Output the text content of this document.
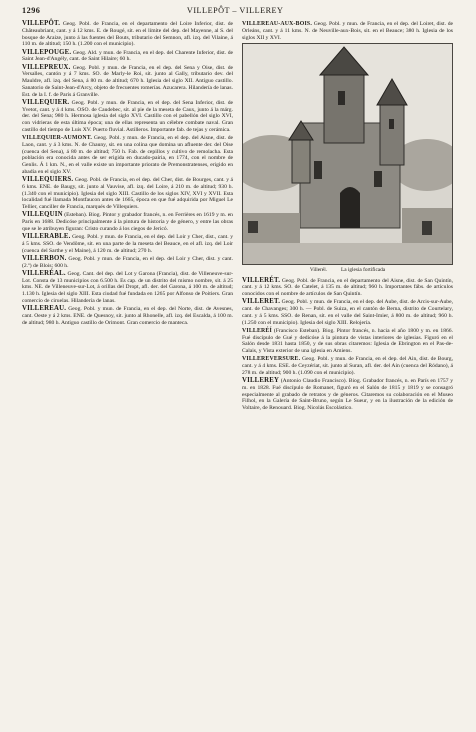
1296	VILLEPÔT – VILLEREY

VILLEPÔT. Geog. Pobl. de Francia, en el departamento del Loire Inferior, dist. de Châteaubriant, cant. y á 12 kms. E. de Rougé, sit. en el límite del dep. del Mayenne, al S. del bosque de Araize, junto á las fuentes del Bouts, tributario del Semnon, afl. izq. del Vilaine, á 110 m. de altitud; 150 h. (1.200 con el municipio).

VILLEPOUGE. Geog. Ald. y mun. de Francia, en el dep. del Charente Inferior, dist. de Saint Jean-d'Angély, cant. de Saint Hilaire; 60 h.

VILLEPREUX. Geog. Pobl. y mun. de Francia, en el dep. del Sena y Oise, dist. de Versalles, cantón y á 7 kms. SO. de Marly-le Roi, sit. junto al Gally, tributario dev. del Mauldre, afl. izq. del Sena, á 80 m. de altitud; 670 h. Iglesia del siglo XII. Antiguo castillo. Sanatorio de Saint-Jean-d'Arcy, objeto de frecuentes romerías. Azucarera. Hilandería de lanas. Est. de la I. f. de París á Granville.

VILLEQUIER. Geog. Pobl. y mun. de Francia, en el dep. del Sena Inferior, dist. de Yvetot, cant. y á 4 kms. OSO. de Caudebec, sit. al pie de la meseta de Caux, junto á la márg. der. del Sena; 980 h. Hermosa iglesia del siglo XVI. Castillo con el pabellón del siglo XVI, con vidrieras de esta última época; una de ellas representa un célebre combate naval. Gran castillo del tiempo de Luis XV. Puerto fluvial. Astilleros. Importante fab. de tejas y cerámica.

VILLEQUIER-AUMONT. Geog. Pobl. y mun. de Francia, en el dep. del Aisne, dist. de Laon, cant. y á 3 kms. N. de Chauny, sit. en una colina que domina un afluente der. del Oise (cuenca del Sena), á 80 m. de altitud; 750 h. Fab. de cepillos y cultivo de remolacha. Esta población era conocida antes de ser erigida en ducado-paíria, en 1774, con el nombre de Genlis. Á 1 km. N., en el valle existe un importante priorato de Premonstratenses, erigido en abadía en el siglo XV.

VILLEQUIERS. Geog. Pobl. de Francia, en el dep. del Cher, dist. de Bourges, cant. y á 6 kms. ENE. de Baugy, sit. junto al Vauvise, afl. izq. del Loire, á 210 m. de altitud; 930 h. (1.340 con el municipio). Iglesia del siglo XIII. Castillo de los siglos XIV, XVI y XVII. Esta localidad fué llamada Montfaucon antes de 1665, época en que fué adquirida por Miguel Le Tellier, canciller de Francia, marqués de Villequiers.

VILLEQUIN (Esteban). Biog. Pintor y grabador francés, n. en Ferrières en 1619 y m. en París en 1688. Dedicóse principalmente á la pintura de historia y de género, y entre las obras que se le atribuyen figuran: Cristo curando á los ciegos de Jericó.

VILLERABLE. Geog. Pobl. y mun. de Francia, en el dep. del Loir y Cher, dist., cant. y á 5 kms. SSO. de Vendôme, sit. en una parte de la meseta del Beauce, en el afl. izq. del Loir (cuenca del Sarthe y el Maine), á 120 m. de altitud; 270 h.

VILLERBON. Geog. Pobl. y mun. de Francia, en el dep. del Loir y Cher, dist. y cant. (2.º) de Blois; 600 h.

VILLERÉAL. Geog. Cant. del dep. del Lot y Garona (Francia), dist. de Villeneuve-sur-Lot. Consta de 13 municipios con 6.500 h. Es cap. de un distrito del mismo nombre, sit. á 25 kms. NE. de Villeneuve-sur-Lot, á orillas del Dropt, afl. der. del Garona, á 100 m. de altitud; 1.130 h. Iglesia del siglo XIII. Esta ciudad fué fundada en 1265 por Alfonso de Poitiers. Gran comercio de ciruelas. Hilandería de lanas.

VILLEREAU. Geog. Pobl. y mun. de Francia, en el dep. del Norte, dist. de Avesnes, cant. Oeste y á 2 kms. ENE. de Quesnoy, sit. junto al Rhonelle, afl. izq. del Escalda, á 100 m. de altitud; 980 h. Antiguo castillo de Orimont. Gran comercio de manteca.

VILLEREAU-AUX-BOIS. Geog. Pobl. y mun. de Francia, en el dep. del Loiret, dist. de Orleáns, cant. y á 11 kms. N. de Neuville-aux-Bois, sit. en el Beauce; 380 h. Iglesia de los siglos XII y XVI.

Villerél.	La iglesia fortificada

VILLERÉT. Geog. Pobl. de Francia, en el departamento del Aisne, dist. de San Quintín, cant. y á 12 kms. SO. de Catelet, á 135 m. de altitud; 960 h. Importantes fábs. de artículos conocidos con el nombre de artículos de San Quintín.

VILLERET. Geog. Pobl. y mun. de Francia, en el dep. del Aube, dist. de Arcis-sur-Aube, cant. de Chavanges; 300 h. — Pobl. de Suiza, en el cantón de Berna, distrito de Courtelary, cant. y á 5 kms. SSO. de Renan, sit. en el valle del Saint-Imier, á 800 m. de altitud; 960 h. (1.250 con el municipio). Iglesia del siglo XIII. Relojería.

VILLERÉÍ (Francisco Esteban). Biog. Pintor francés, n. hacia el año 1800 y m. en 1866. Fué discípulo de Gué y dedicóse á la pintura de vistas interiores de iglesias. Figuró en el Salón desde 1831 hasta 1850, y de sus obras citaremos: Iglesia de Ebrington en el Pas-de-Calais, y Vista exterior de una iglesia en Amiens.

VILLEREVERSURE. Geog. Pobl. y mun. de Francia, en el dep. del Ain, dist. de Bourg, cant. y á 4 kms. ESE. de Ceyzériat, sit. junto al Suran, afl. der. del Ain (cuenca del Ródano), á 278 m. de altitud; 900 h. (1.090 con el municipio).

VILLEREY (Antonio Claudio Francisco). Biog. Grabador francés, n. en París en 1757 y m. en 1828. Fué discípulo de Romanet, figuró en el Salón de 1815 y 1819 y se consagró especialmente al grabado de retratos y de géneros. Citaremos su colaboración en el Museo Filhol, en la Galería de Saint-Bruno, según Le Sueur, y en la ilustración de la edición de Voltaire, de Renouard. Biog. Nicolás Escolástico.
